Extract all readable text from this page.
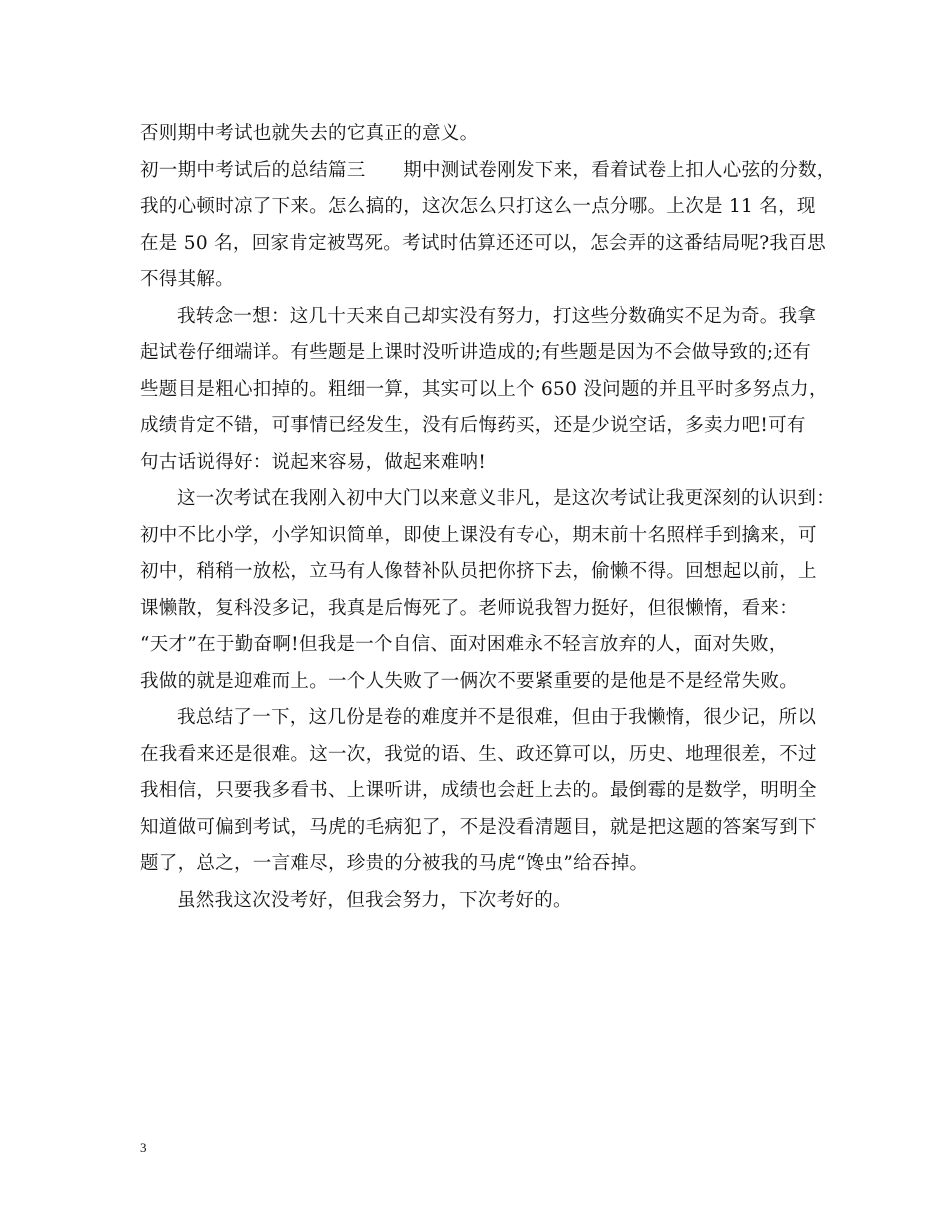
否则期中考试也就失去的它真正的意义。
初一期中考试后的总结篇三　　期中测试卷刚发下来，看着试卷上扣人心弦的分数，
我的心顿时凉了下来。怎么搞的，这次怎么只打这么一点分哪。上次是 11 名，现
在是 50 名，回家肯定被骂死。考试时估算还还可以，怎会弄的这番结局呢?我百思
不得其解。
我转念一想：这几十天来自己却实没有努力，打这些分数确实不足为奇。我拿
起试卷仔细端详。有些题是上课时没听讲造成的;有些题是因为不会做导致的;还有
些题目是粗心扣掉的。粗细一算，其实可以上个 650 没问题的并且平时多努点力，
成绩肯定不错，可事情已经发生，没有后悔药买，还是少说空话，多卖力吧!可有
句古话说得好：说起来容易，做起来难呐!
这一次考试在我刚入初中大门以来意义非凡，是这次考试让我更深刻的认识到：
初中不比小学，小学知识简单，即使上课没有专心，期末前十名照样手到擒来，可
初中，稍稍一放松，立马有人像替补队员把你挤下去，偷懒不得。回想起以前，上
课懒散，复科没多记，我真是后悔死了。老师说我智力挺好，但很懒惰，看来：
“天才”在于勤奋啊!但我是一个自信、面对困难永不轻言放弃的人，面对失败，
我做的就是迎难而上。一个人失败了一俩次不要紧重要的是他是不是经常失败。
我总结了一下，这几份是卷的难度并不是很难，但由于我懒惰，很少记，所以
在我看来还是很难。这一次，我觉的语、生、政还算可以，历史、地理很差，不过
我相信，只要我多看书、上课听讲，成绩也会赶上去的。最倒霉的是数学，明明全
知道做可偏到考试，马虎的毛病犯了，不是没看清题目，就是把这题的答案写到下
题了，总之，一言难尽，珍贵的分被我的马虎“馋虫”给吞掉。
虽然我这次没考好，但我会努力，下次考好的。
3
